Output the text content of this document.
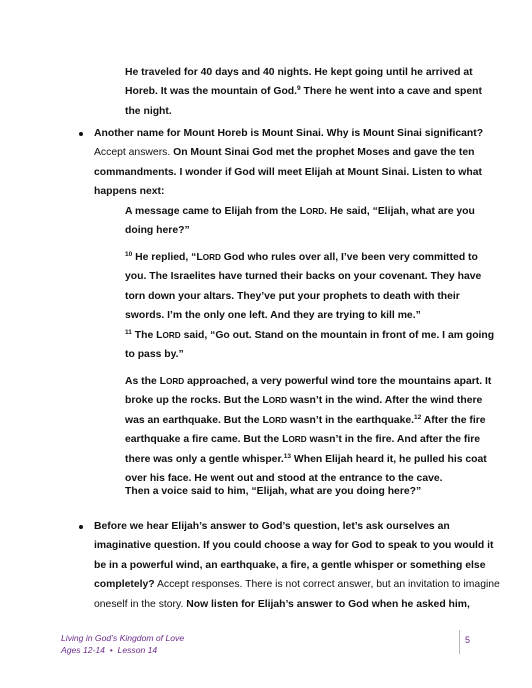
He traveled for 40 days and 40 nights. He kept going until he arrived at
Horeb. It was the mountain of God.$^9$ There he went into a cave and spent
the night.
Another name for Mount Horeb is Mount Sinai. Why is Mount Sinai significant?
Accept answers. On Mount Sinai God met the prophet Moses and gave the ten
commandments. I wonder if God will meet Elijah at Mount Sinai. Listen to what
happens next:
A message came to Elijah from the LORD. He said, “Elijah, what are you
doing here?”
$^{10}$ He replied, “LORD God who rules over all, I’ve been very committed to
you. The Israelites have turned their backs on your covenant. They have
torn down your altars. They’ve put your prophets to death with their
swords. I’m the only one left. And they are trying to kill me.”
$^{11}$ The LORD said, “Go out. Stand on the mountain in front of me. I am going
to pass by.”
As the LORD approached, a very powerful wind tore the mountains apart. It
broke up the rocks. But the LORD wasn’t in the wind. After the wind there
was an earthquake. But the LORD wasn’t in the earthquake.$^{12}$ After the fire
earthquake a fire came. But the LORD wasn’t in the fire. And after the fire
there was only a gentle whisper.$^{13}$ When Elijah heard it, he pulled his coat
over his face. He went out and stood at the entrance to the cave.
Then a voice said to him, “Elijah, what are you doing here?”
Before we hear Elijah’s answer to God’s question, let’s ask ourselves an
imaginative question. If you could choose a way for God to speak to you would it
be in a powerful wind, an earthquake, a fire, a gentle whisper or something else
completely? Accept responses. There is not correct answer, but an invitation to imagine
oneself in the story. Now listen for Elijah’s answer to God when he asked him,
Living in God’s Kingdom of Love
Ages 12-14 • Lesson 14
5
